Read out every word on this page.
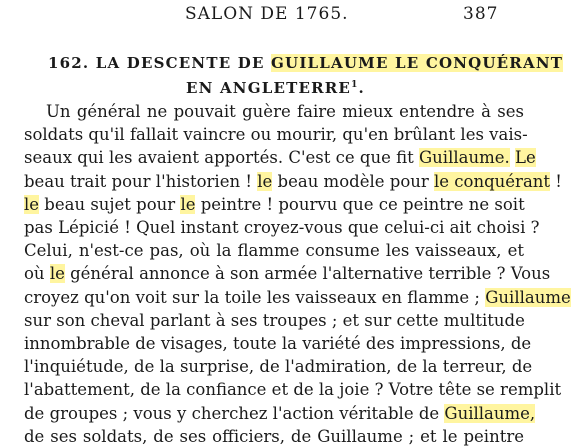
SALON DE 1765.	387
162. LA DESCENTE DE GUILLAUME LE CONQUÉRANT
EN ANGLETERRE$^1$.
Un général ne pouvait guère faire mieux entendre à ses
soldats qu'il fallait vaincre ou mourir, qu'en brûlant les vais-
seaux qui les avaient apportés. C'est ce que fit Guillaume. Le
beau trait pour l'historien ! le beau modèle pour le conquérant !
le beau sujet pour le peintre ! pourvu que ce peintre ne soit
pas Lépicié ! Quel instant croyez-vous que celui-ci ait choisi ?
Celui, n'est-ce pas, où la flamme consume les vaisseaux, et
où le général annonce à son armée l'alternative terrible ? Vous
croyez qu'on voit sur la toile les vaisseaux en flamme ; Guillaume
sur son cheval parlant à ses troupes ; et sur cette multitude
innombrable de visages, toute la variété des impressions, de
l'inquiétude, de la surprise, de l'admiration, de la terreur, de
l'abattement, de la confiance et de la joie ? Votre tête se remplit
de groupes ; vous y cherchez l'action véritable de Guillaume,
de ses soldats, de ses officiers, de Guillaume ; et le peintre
